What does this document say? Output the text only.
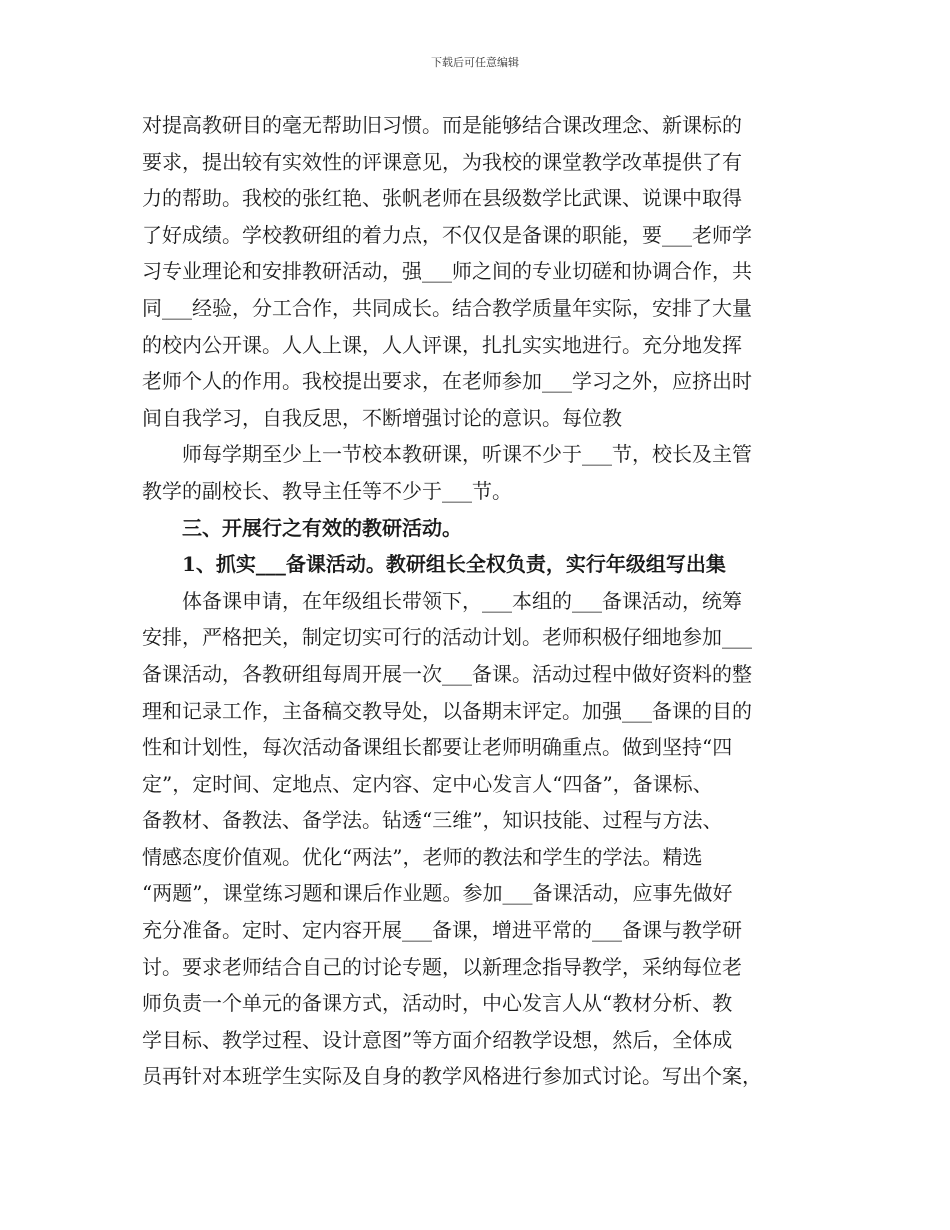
下载后可任意编辑

对提高教研目的毫无帮助旧习惯。而是能够结合课改理念、新课标的
要求，提出较有实效性的评课意见，为我校的课堂教学改革提供了有
力的帮助。我校的张红艳、张帆老师在县级数学比武课、说课中取得
了好成绩。学校教研组的着力点，不仅仅是备课的职能，要___老师学
习专业理论和安排教研活动，强___师之间的专业切磋和协调合作，共
同___经验，分工合作，共同成长。结合教学质量年实际，安排了大量
的校内公开课。人人上课，人人评课，扎扎实实地进行。充分地发挥
老师个人的作用。我校提出要求，在老师参加___学习之外，应挤出时
间自我学习，自我反思，不断增强讨论的意识。每位教

　　师每学期至少上一节校本教研课，听课不少于___节，校长及主管
教学的副校长、教导主任等不少于___节。

　　三、开展行之有效的教研活动。

　　1、抓实___备课活动。教研组长全权负责，实行年级组写出集

　　体备课申请，在年级组长带领下，___本组的___备课活动，统筹
安排，严格把关，制定切实可行的活动计划。老师积极仔细地参加___
备课活动，各教研组每周开展一次___备课。活动过程中做好资料的整
理和记录工作，主备稿交教导处，以备期末评定。加强___备课的目的
性和计划性，每次活动备课组长都要让老师明确重点。做到坚持“四
定”，定时间、定地点、定内容、定中心发言人“四备”，备课标、
备教材、备教法、备学法。钻透“三维”，知识技能、过程与方法、
情感态度价值观。优化“两法”，老师的教法和学生的学法。精选
“两题”，课堂练习题和课后作业题。参加___备课活动，应事先做好
充分准备。定时、定内容开展___备课，增进平常的___备课与教学研
讨。要求老师结合自己的讨论专题，以新理念指导教学，采纳每位老
师负责一个单元的备课方式，活动时，中心发言人从“教材分析、教
学目标、教学过程、设计意图”等方面介绍教学设想，然后，全体成
员再针对本班学生实际及自身的教学风格进行参加式讨论。写出个案，
